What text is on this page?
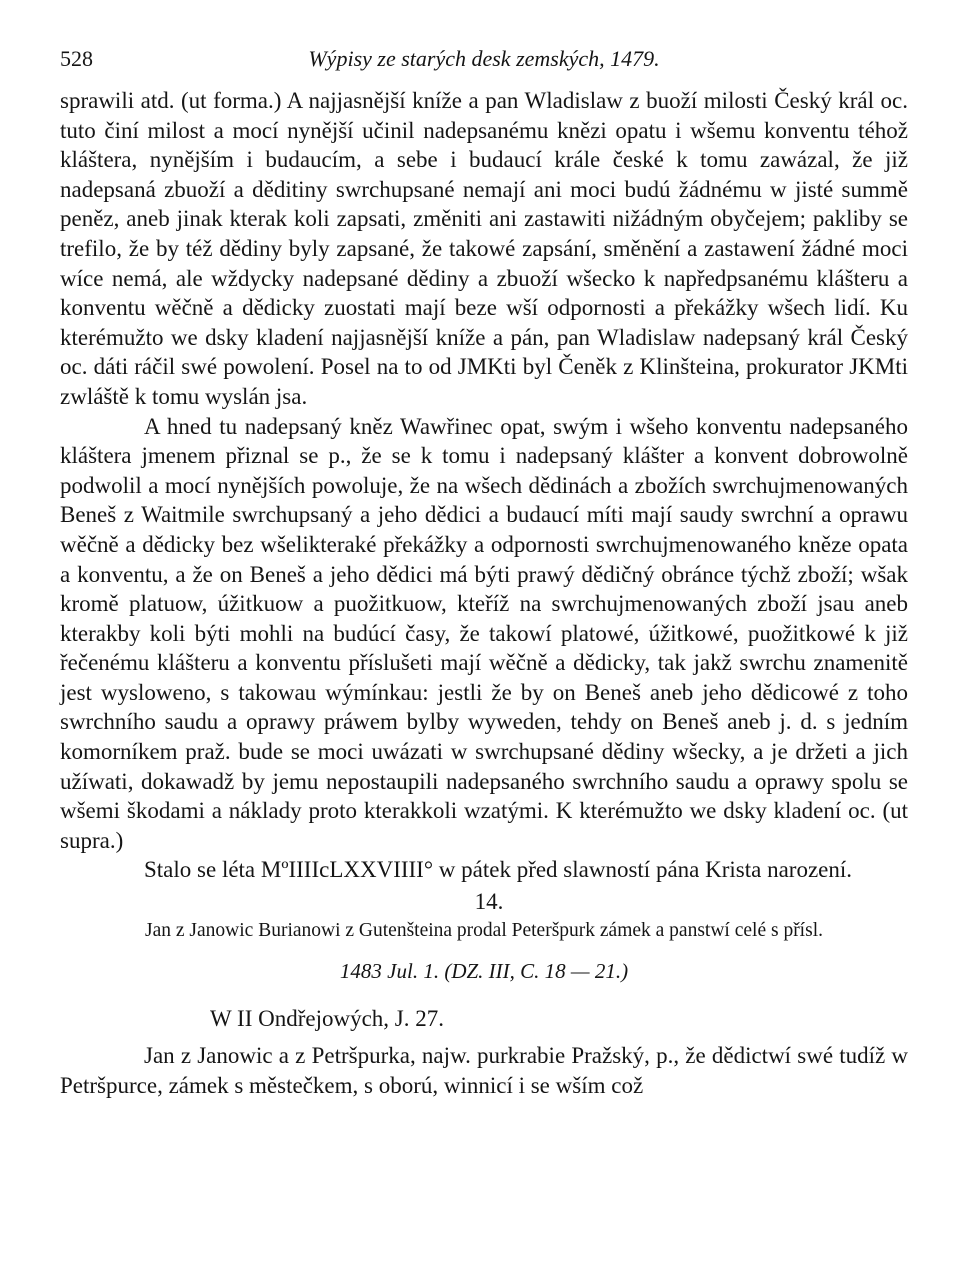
528	Wýpisy ze starých desk zemských, 1479.

sprawili atd. (ut forma.) A najjasnější kníže a pan Wladislaw z buoží milosti Český král oc. tuto činí milost a mocí nynější učinil nadepsanému knězi opatu i wšemu konventu téhož kláštera, nynějším i budaucím, a sebe i budaucí krále české k tomu zawázal, že již nadepsaná zbuoží a děditiny swrchupsané nemají ani moci budú žádnému w jisté summě peněz, aneb jinak kterak koli zapsati, změniti ani zastawiti nižádným obyčejem; pakliby se trefilo, že by též dědiny byly zapsané, že takowé zapsání, směnění a zastawení žádné moci wíce nemá, ale wždycky nadepsané dědiny a zbuoží wšecko k napředpsanému klášteru a konventu wěčně a dědicky zuostati mají beze wší odpornosti a překážky wšech lidí. Ku kterémužto we dsky kladení najjasnější kníže a pán, pan Wladislaw nadepsaný král Český oc. dáti ráčil swé powolení. Posel na to od JMKti byl Čeněk z Klinšteina, prokurator JKMti zwláště k tomu wyslán jsa.

A hned tu nadepsaný kněz Wawřinec opat, swým i wšeho konventu nadepsaného kláštera jmenem přiznal se p., že se k tomu i nadepsaný klášter a konvent dobrowolně podwolil a mocí nynějších powoluje, že na wšech dědinách a zbožích swrchujmenowaných Beneš z Waitmile swrchupsaný a jeho dědici a budaucí míti mají saudy swrchní a oprawu wěčně a dědicky bez wšelikteraké překážky a odpornosti swrchujmenowaného kněze opata a konventu, a že on Beneš a jeho dědici má býti prawý dědičný obránce týchž zboží; wšak kromě platuow, úžitkuow a puožitkuow, kteříž na swrchujmenowaných zboží jsau aneb kterakby koli býti mohli na budúcí časy, že takowí platowé, úžitkowé, puožitkowé k již řečenému klášteru a konventu příslušeti mají wěčně a dědicky, tak jakž swrchu znamenitě jest wysloweno, s takowau wýmínkau: jestli že by on Beneš aneb jeho dědicowé z toho swrchního saudu a oprawy práwem bylby wyweden, tehdy on Beneš aneb j. d. s jedním komorníkem praž. bude se moci uwázati w swrchupsané dědiny wšecky, a je držeti a jich užíwati, dokawadž by jemu nepostaupili nadepsaného swrchního saudu a oprawy spolu se wšemi škodami a náklady proto kterakkoli wzatými. K kterémužto we dsky kladení oc. (ut supra.)

Stalo se léta MºIIIIcLXXVIIII° w pátek před slawností pána Krista narození.

14.
Jan z Janowic Burianowi z Gutenšteina prodal Peteršpurk zámek a panstwí celé s přísl.
1483 Jul. 1. (DZ. III, C. 18 — 21.)
W II Ondřejowých, J. 27.

Jan z Janowic a z Petršpurka, najw. purkrabie Pražský, p., že dědictwí swé tudíž w Petršpurce, zámek s městečkem, s oború, winnicí i se wším což
